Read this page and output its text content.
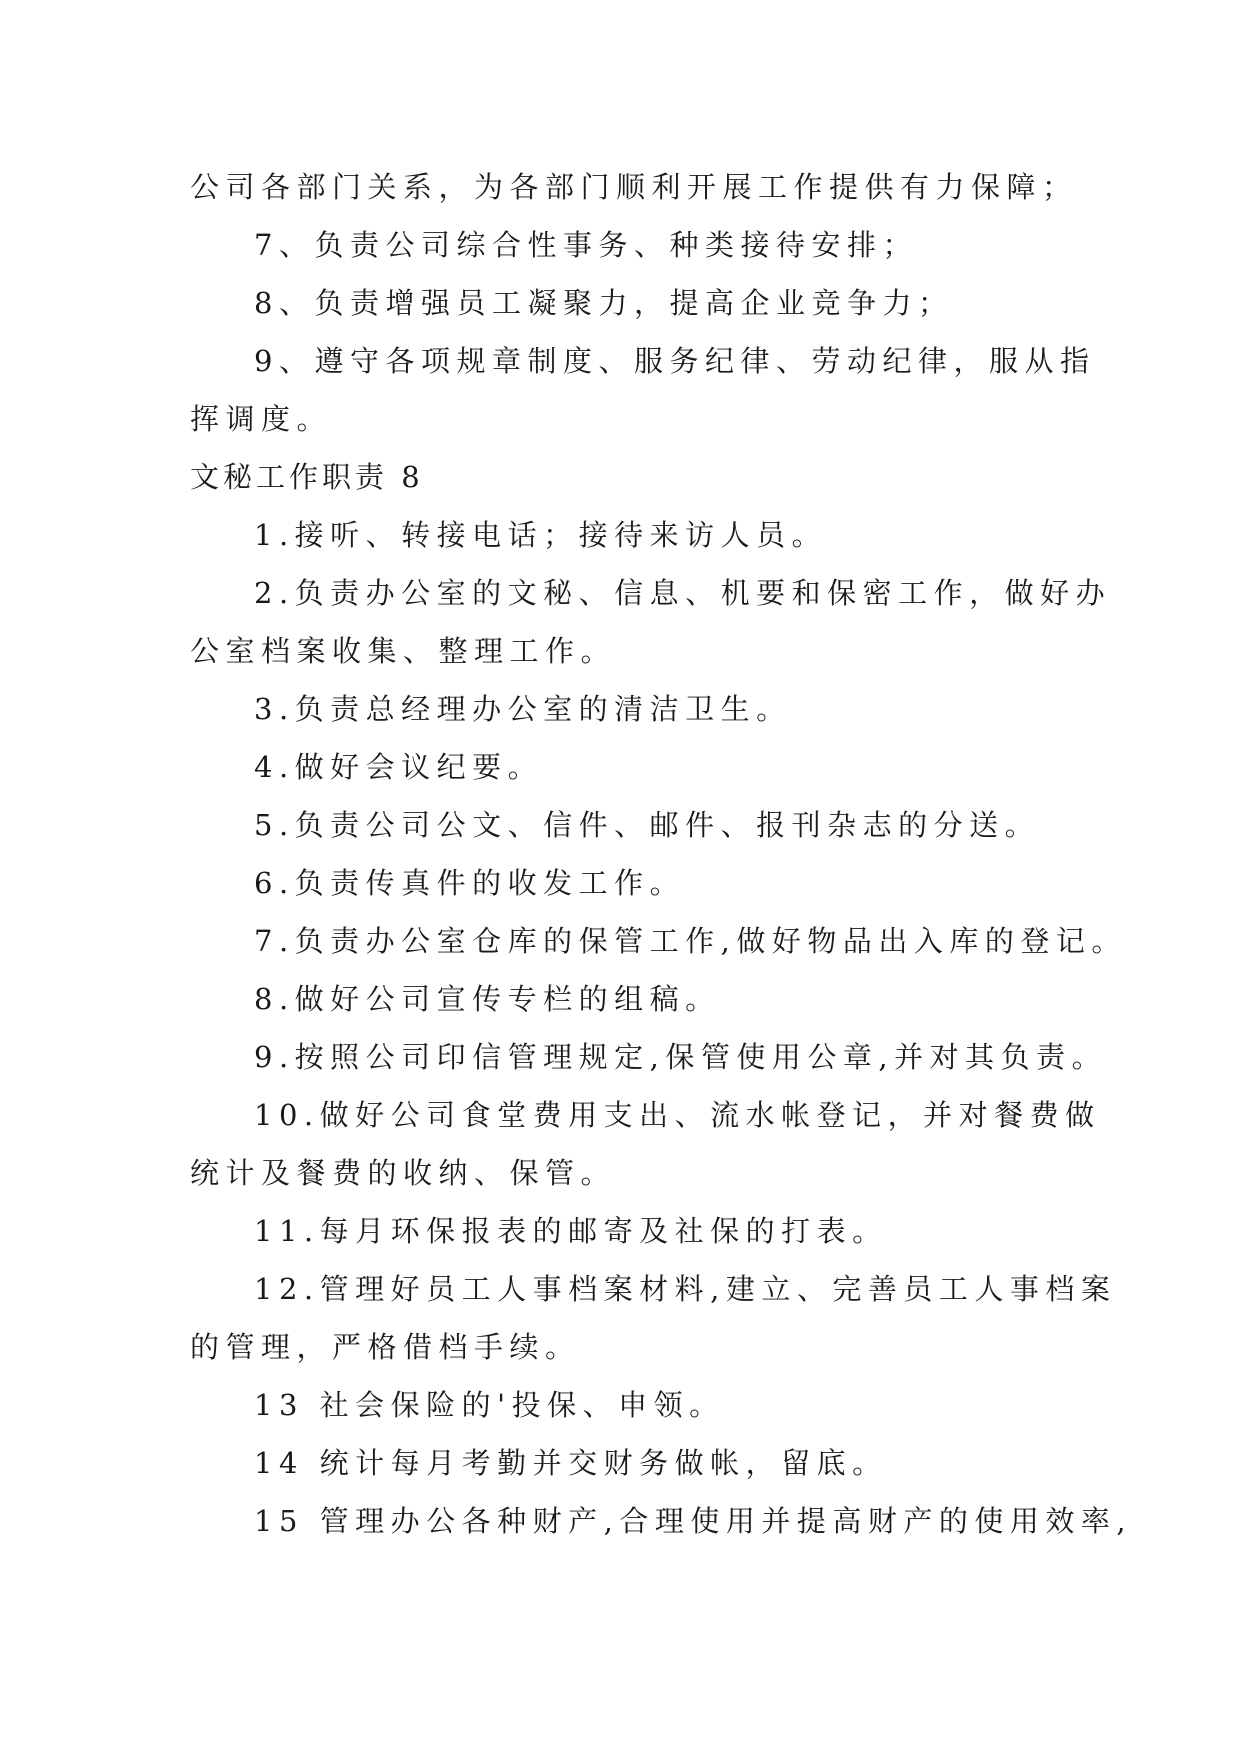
公司各部门关系，为各部门顺利开展工作提供有力保障；

7、负责公司综合性事务、种类接待安排；

8、负责增强员工凝聚力，提高企业竞争力；

9、遵守各项规章制度、服务纪律、劳动纪律，服从指

挥调度。

文秘工作职责 8

1.接听、转接电话；接待来访人员。

2.负责办公室的文秘、信息、机要和保密工作，做好办

公室档案收集、整理工作。

3.负责总经理办公室的清洁卫生。

4.做好会议纪要。

5.负责公司公文、信件、邮件、报刊杂志的分送。

6.负责传真件的收发工作。

7.负责办公室仓库的保管工作,做好物品出入库的登记。

8.做好公司宣传专栏的组稿。

9.按照公司印信管理规定,保管使用公章,并对其负责。

10.做好公司食堂费用支出、流水帐登记，并对餐费做

统计及餐费的收纳、保管。

11.每月环保报表的邮寄及社保的打表。

12.管理好员工人事档案材料,建立、完善员工人事档案

的管理，严格借档手续。

13 社会保险的'投保、申领。

14 统计每月考勤并交财务做帐，留底。

15 管理办公各种财产,合理使用并提高财产的使用效率,
